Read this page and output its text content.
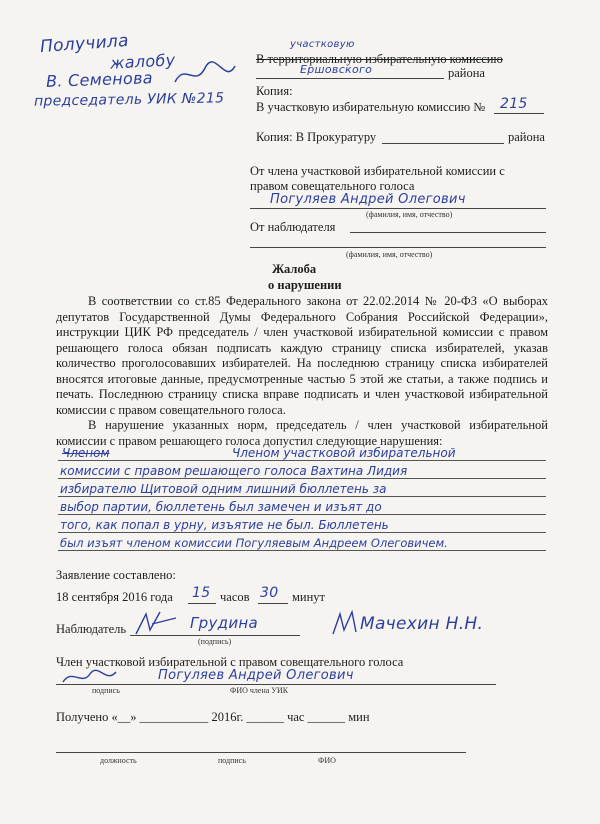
Получила
жалобу
В. Семенова
председатель УИК №215
участковую
В территориальную избирательную комиссию
Ершовского	района
Копия:
В участковую избирательную комиссию № 215
Копия: В Прокуратуру	района
От члена участковой избирательной комиссии с
правом совещательного голоса
Погуляев Андрей Олегович
(фамилия, имя, отчество)
От наблюдателя
(фамилия, имя, отчество)
Жалоба
о нарушении
В соответствии со ст.85 Федерального закона от 22.02.2014 № 20-ФЗ «О выборах депутатов Государственной Думы Федерального Собрания Российской Федерации», инструкции ЦИК РФ председатель / член участковой избирательной комиссии с правом решающего голоса обязан подписать каждую страницу списка избирателей, указав количество проголосовавших избирателей. На последнюю страницу списка избирателей вносятся итоговые данные, предусмотренные частью 5 этой же статьи, а также подпись и печать. Последнюю страницу списка вправе подписать и член участковой избирательной комиссии с правом совещательного голоса.
В нарушение указанных норм, председатель / член участковой избирательной комиссии с правом решающего голоса допустил следующие нарушения:
Членом	Членом участковой избирательной
комиссии с правом решающего голоса Вахтина Лидия
избирателю Щитовой одним лишний бюллетень за
выбор партии, бюллетень был замечен и изъят до
того, как попал в урну, изъятие не был. Бюллетень
был изъят членом комиссии Погуляевым Андреем Олеговичем.
Заявление составлено:
18 сентября 2016 года 15 часов 30 минут
Наблюдатель	Грудина
(подпись)
Мачехин Н.Н.
Член участковой избирательной с правом совещательного голоса
Погуляев Андрей Олегович
подпись	ФИО члена УИК
Получено «__» ___________ 2016г. ______ час ______ мин
должность	подпись	ФИО
